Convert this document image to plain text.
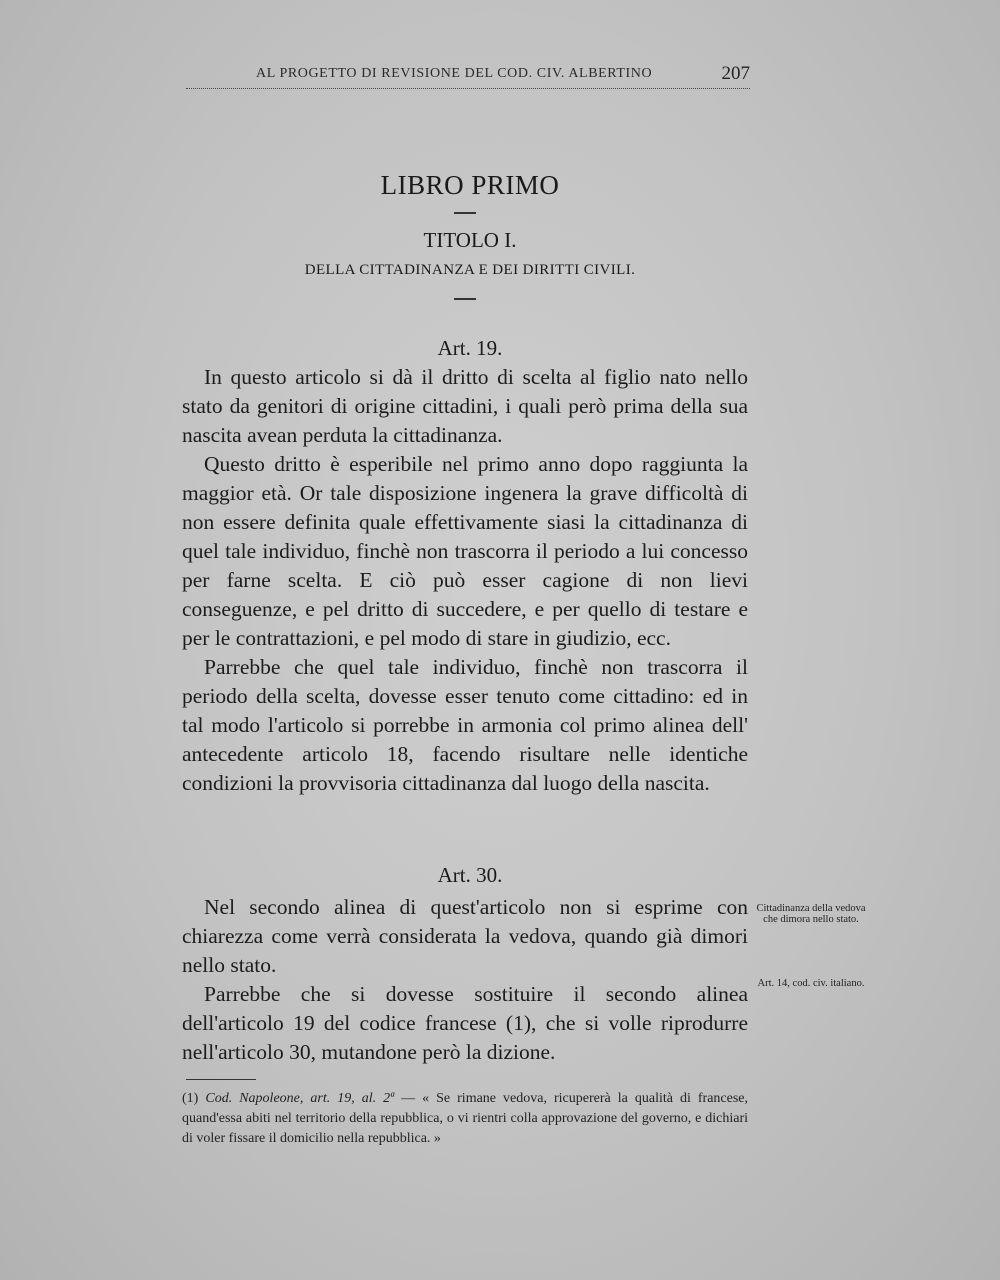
AL PROGETTO DI REVISIONE DEL COD. CIV. ALBERTINO	207
LIBRO PRIMO
TITOLO I.
DELLA CITTADINANZA E DEI DIRITTI CIVILI.
Art. 19.

In questo articolo si dà il dritto di scelta al figlio nato nello stato da genitori di origine cittadini, i quali però prima della sua nascita avean perduta la cittadinanza.

Questo dritto è esperibile nel primo anno dopo raggiunta la maggior età. Or tale disposizione ingenera la grave difficoltà di non essere definita quale effettivamente siasi la cittadinanza di quel tale individuo, finchè non trascorra il periodo a lui concesso per farne scelta. E ciò può esser cagione di non lievi conseguenze, e pel dritto di succedere, e per quello di testare e per le contrattazioni, e pel modo di stare in giudizio, ecc.

Parrebbe che quel tale individuo, finchè non trascorra il periodo della scelta, dovesse esser tenuto come cittadino: ed in tal modo l'articolo si porrebbe in armonia col primo alinea dell' antecedente articolo 18, facendo risultare nelle identiche condizioni la provvisoria cittadinanza dal luogo della nascita.

Art. 30.

Nel secondo alinea di quest'articolo non si esprime con chiarezza come verrà considerata la vedova, quando già dimori nello stato.

Parrebbe che si dovesse sostituire il secondo alinea dell'articolo 19 del codice francese (1), che si volle riprodurre nell'articolo 30, mutandone però la dizione.

Cittadinanza della vedova che dimora nello stato.
Art. 14, cod. civ. italiano.
(1) Cod. Napoleone, art. 19, al. 2ª — « Se rimane vedova, ricupererà la qualità di francese, quand'essa abiti nel territorio della repubblica, o vi rientri colla approvazione del governo, e dichiari di voler fissare il domicilio nella repubblica. »
